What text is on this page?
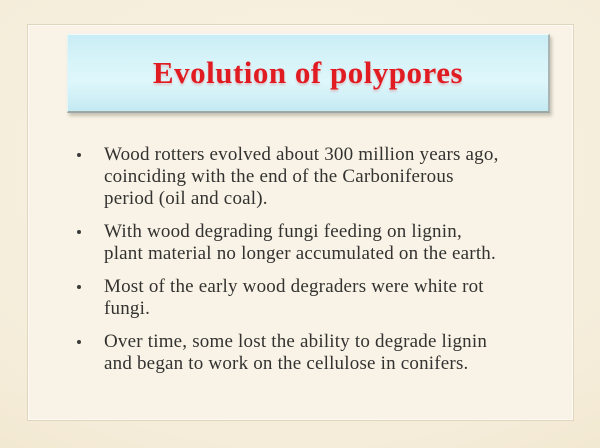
Evolution of polypores
Wood rotters evolved about 300 million years ago,
coinciding with the end of the Carboniferous
period (oil and coal).
With wood degrading fungi feeding on lignin,
plant material no longer accumulated on the earth.
Most of the early wood degraders were white rot
fungi.
Over time, some lost the ability to degrade lignin
and began to work on the cellulose in conifers.
